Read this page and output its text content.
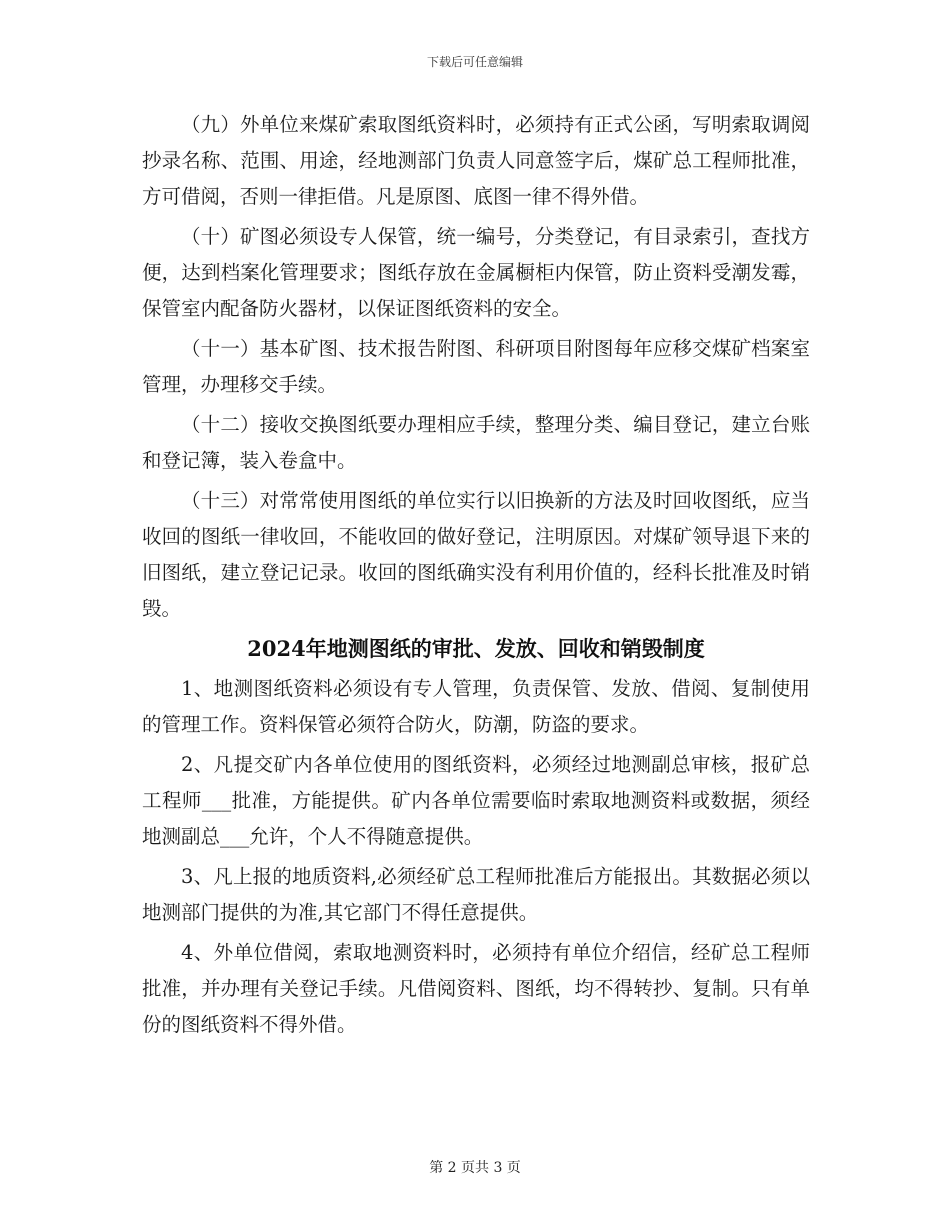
下载后可任意编辑

（九）外单位来煤矿索取图纸资料时，必须持有正式公函，写明索取调阅抄录名称、范围、用途，经地测部门负责人同意签字后，煤矿总工程师批准，方可借阅，否则一律拒借。凡是原图、底图一律不得外借。

（十）矿图必须设专人保管，统一编号，分类登记，有目录索引，查找方便，达到档案化管理要求；图纸存放在金属橱柜内保管，防止资料受潮发霉，保管室内配备防火器材，以保证图纸资料的安全。

（十一）基本矿图、技术报告附图、科研项目附图每年应移交煤矿档案室管理，办理移交手续。

（十二）接收交换图纸要办理相应手续，整理分类、编目登记，建立台账和登记簿，装入卷盒中。

（十三）对常常使用图纸的单位实行以旧换新的方法及时回收图纸，应当收回的图纸一律收回，不能收回的做好登记，注明原因。对煤矿领导退下来的旧图纸，建立登记记录。收回的图纸确实没有利用价值的，经科长批准及时销毁。

2024年地测图纸的审批、发放、回收和销毁制度

1、地测图纸资料必须设有专人管理，负责保管、发放、借阅、复制使用的管理工作。资料保管必须符合防火，防潮，防盗的要求。

2、凡提交矿内各单位使用的图纸资料，必须经过地测副总审核，报矿总工程师___批准，方能提供。矿内各单位需要临时索取地测资料或数据，须经地测副总___允许，个人不得随意提供。

3、凡上报的地质资料,必须经矿总工程师批准后方能报出。其数据必须以地测部门提供的为准,其它部门不得任意提供。

4、外单位借阅，索取地测资料时，必须持有单位介绍信，经矿总工程师批准，并办理有关登记手续。凡借阅资料、图纸，均不得转抄、复制。只有单份的图纸资料不得外借。

第 2 页共 3 页
